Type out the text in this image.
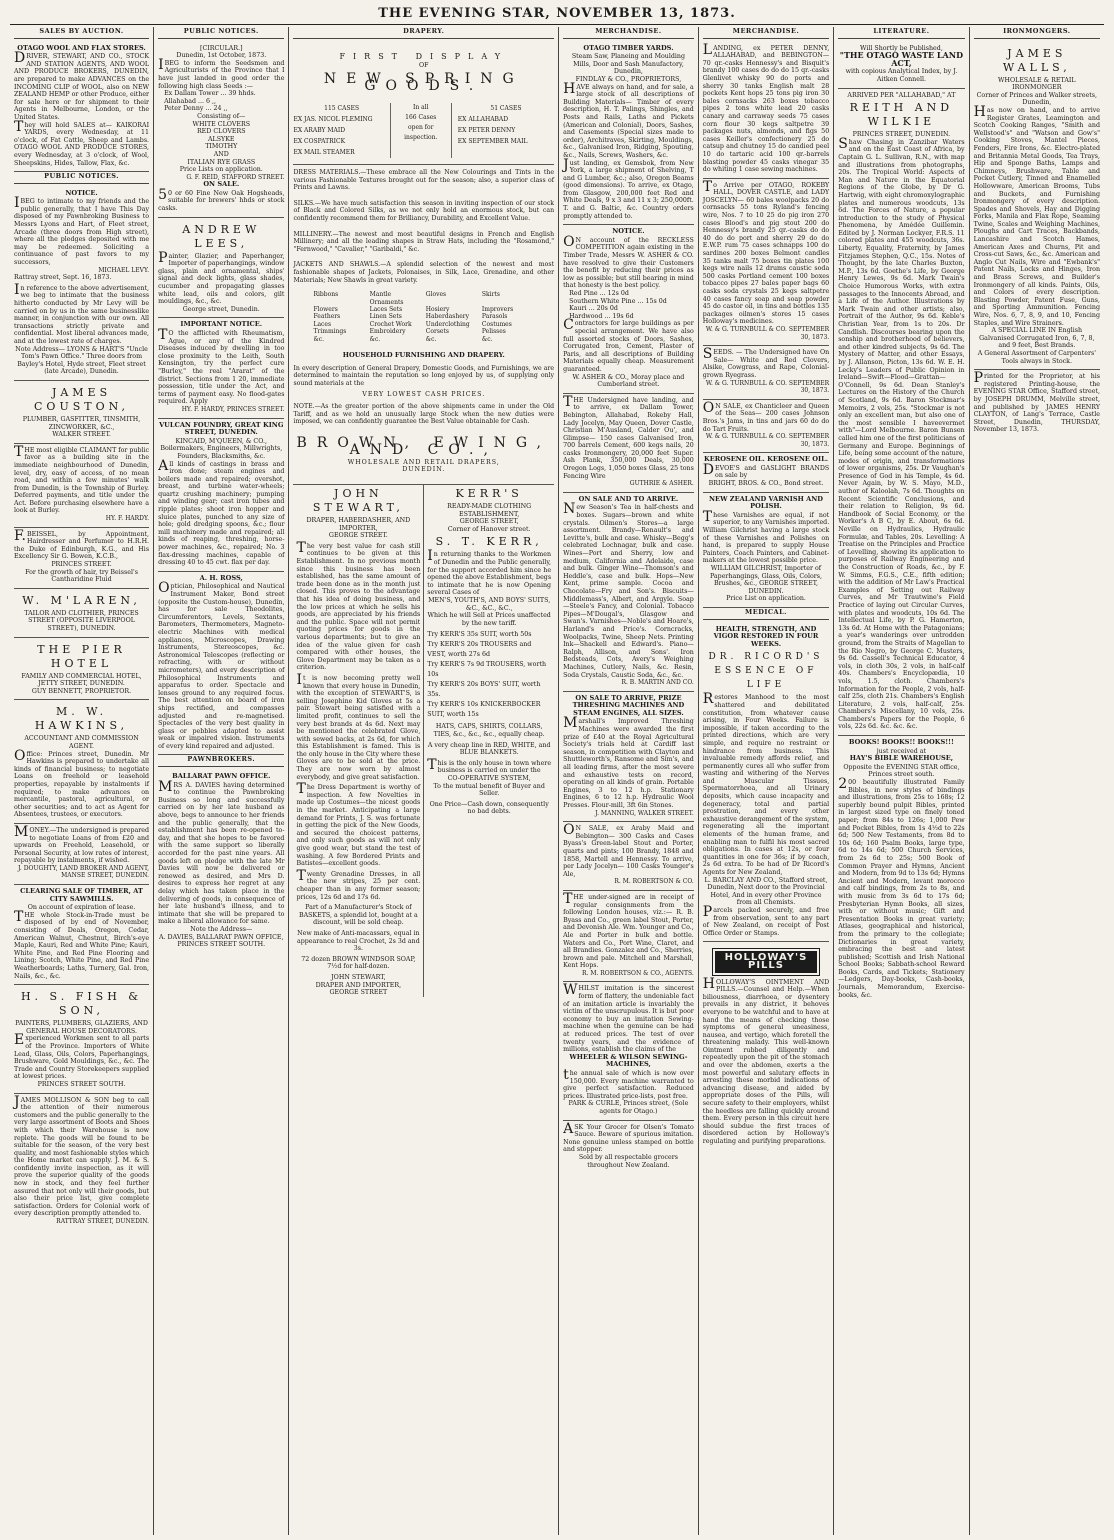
THE EVENING STAR, NOVEMBER 13, 1873.
SALES BY AUCTION.
OTAGO WOOL AND FLAX STORES.
DRIVER, STEWART, AND CO., STOCK AND STATION AGENTS, AND WOOL AND PRODUCE BROKERS, DUNEDIN, are prepared to make ADVANCES on the INCOMING CLIP of WOOL, also on NEW ZEALAND HEMP or other Produce, either for sale here or for shipment to their Agents in Melbourne, London, or the United States.
They will hold SALES at— KAIKORAI YARDS, every Wednesday, at 11 o'clock, of Fat Cattle, Sheep and Lambs. OTAGO WOOL AND PRODUCE STORES, every Wednesday, at 3 o'clock, of Wool, Sheepskins, Hides, Tallow, Flax, &c.
PUBLIC NOTICES.
NOTICE.
IBEG to intimate to my friends and the public generally, that I have This Day disposed of my Pawnbroking Business to Messrs Lyons and Hart, of Fleet street, Arcade (three doors from High street), where all the pledges deposited with me may be redeemed. Soliciting a continuance of past favors to my successors,
MICHAEL LEVY.
Rattray street, Sept. 16, 1873.
In reference to the above advertisement, we beg to intimate that the business hitherto conducted by Mr Levy will be carried on by us in the same businesslike manner, in conjunction with our own. All transactions strictly private and confidential. Most liberal advances made, and at the lowest rate of charges.
Note Address— LYONS & HART'S "Uncle Tom's Pawn Office." Three doors from Bayley's Hotel, Hyde street, Fleet street (late Arcade), Dunedin.
JAMES COUSTON,
PLUMBER, GASFITTER, TINSMITH, ZINCWORKER, &C.,
WALKER STREET.
THE most eligible CLAIMANT for public favor as a building site in the immediate neighbourhood of Dunedin, level, dry, easy of access, of no mean road, and within a few minutes' walk from Dunedin, is the Township of Burley. Deferred payments, and title under the Act. Before purchasing elsewhere have a look at Burley.
HY. F. HARDY.
F.BEISSEL, by Appointment, Hairdresser and Perfumer to H.R.H. the Duke of Edinburgh, K.G., and His Excellency Sir G. Bowen, K.C.B.,
PRINCES STREET.
For the growth of hair, try Beissel's Cantharidine Fluid
W. M'LAREN,
TAILOR AND CLOTHIER, PRINCES STREET (OPPOSITE LIVERPOOL STREET), DUNEDIN.
THE PIER HOTEL
FAMILY AND COMMERCIAL HOTEL, JETTY STREET, DUNEDIN.
GUY BENNETT, PROPRIETOR.
M. W. HAWKINS,
ACCOUNTANT AND COMMISSION AGENT.
Office: Princes street, Dunedin. Mr Hawkins is prepared to undertake all kinds of financial business; to negotiate Loans on freehold or leasehold properties, repayable by instalments if required; to make advances on mercantile, pastoral, agricultural, or other securities; and to act as Agent for Absentees, trustees, or executors.
MONEY.—The undersigned is prepared to negotiate Loans of from £20 and upwards on Freehold, Leasehold, or Personal Security, at low rates of interest, repayable by instalments, if wished.
J. DOUGHTY, LAND BROKER AND AGENT, MANSE STREET, DUNEDIN.
CLEARING SALE OF TIMBER, AT CITY SAWMILLS.
On account of expiration of lease.
THE whole Stock-in-Trade must be disposed of by end of November, consisting of Deals, Oregon, Cedar, American Walnut, Chestnut, Birch's-eye Maple, Kauri, Red and White Pine; Kauri, White Pine, and Red Pine Flooring and Lining; Scotch, White Pine, and Red Pine Weatherboards; Laths, Turnery, Gal. Iron, Nails, &c., &c.
H. S. FISH & SON,
PAINTERS, PLUMBERS, GLAZIERS, AND GENERAL HOUSE DECORATORS.
Experienced Workmen sent to all parts of the Province. Importers of White Lead, Glass, Oils, Colors, Paperhangings, Brushware, Gold Mouldings, &c., &c. The Trade and Country Storekeepers supplied at lowest prices.
PRINCES STREET SOUTH.
JAMES MOLLISON & SON beg to call the attention of their numerous customers and the public generally to the very large assortment of Boots and Shoes with which their Warehouse is now replete. The goods will be found to be suitable for the season, of the very best quality, and most fashionable styles which the Home market can supply. J. M. & S. confidently invite inspection, as it will prove the superior quality of the goods now in stock, and they feel further assured that not only will their goods, but also their price list, give complete satisfaction. Orders for Colonial work of every description promptly attended to.
RATTRAY STREET, DUNEDIN.
PUBLIC NOTICES.
[CIRCULAR.]
Dunedin, 1st October, 1873.
IBEG to inform the Seedsmen and Agriculturists of the Province that I have just landed in good order the following high class Seeds :—
Ex Dallam Tower ... 39 hhds.
Allahabad ... 6 ,,
Peter Denny ... 24 ,,
Consisting of—
WHITE CLOVERS
RED CLOVERS
ALSYKE
TIMOTHY
AND
ITALIAN RYE GRASS
Price Lists on application.
G. F. REID, STAFFORD STREET.
ON SALE.
50 or 60 Fine New Oak Hogsheads, suitable for brewers' hhds or stock casks.
ANDREW LEES,
Painter, Glazier, and Paperhanger, Importer of paperhangings, window glass, plain and ornamental, ships' signal and deck lights, glass shades, cucumber and propagating glasses white lead, oils and colors, gilt mouldings, &c., &c.
George street, Dunedin.
IMPORTANT NOTICE.
TO the afflicted with Rheumatism, Ague, or any of the Kindred Diseases induced by dwelling in too close proximity to the Leith, South Kensington, try the perfect cure "Burley," the real "Ararat" of the district. Sections from 1 20, immediate possession, title under the Act, and terms of payment easy. No flood-gates required. Apply
HY. F. HARDY, PRINCES STREET.
VULCAN FOUNDRY, GREAT KING STREET, DUNEDIN.
KINCAID, M'QUEEN, & CO.,
Boilermakers, Engineers, Millwrights, Founders, Blacksmiths, &c.
All kinds of castings in brass and iron done; steam engines and boilers made and repaired; overshot, breast, and turbine water-wheels; quartz crushing machinery; pumping and winding gear; cast iron tubes and ripple plates; shoot iron hopper and sluice plates, punched to any size of hole; gold dredging spoons, &c.; flour mill machinery made and repaired; all kinds of reaping, threshing, horse-power machines, &c., repaired; No. 3 flax-dressing machines, capable of dressing 40 to 45 cwt. flax per day.
A. H. ROSS,
Optician, Philosophical and Nautical Instrument Maker, Bond street (opposite the Custom-house), Dunedin, has for sale Theodolites, Circumferentors, Levels, Sextants, Barometers, Thermometers, Magneto-electric Machines with medical appliances, Microscopes, Drawing Instruments, Stereoscopes, &c. Astronomical Telescopes (reflecting or refracting, with or without micrometers), and every description of Philosophical Instruments and apparatus to order. Spectacle and lenses ground to any required focus. The best attention on board of iron ships rectified, and compasses adjusted and re-magnetised. Spectacles of the very best quality in glass or pebbles adapted to assist weak or impaired vision. Instruments of every kind repaired and adjusted.
PAWNBROKERS.
BALLARAT PAWN OFFICE.
MRS A. DAVIES having determined to continue the Pawnbroking Business so long and successfully carried on by her late husband as above, begs to announce to her friends and the public generally, that the establishment has been re-opened to-day, and that she hopes to be favored with the same support so liberally accorded for the past nine years. All goods left on pledge with the late Mr Davies will now be delivered or renewed as desired, and Mrs D. desires to express her regret at any delay which has taken place in the delivering of goods, in consequence of her late husband's illness, and to intimate that she will be prepared to make a liberal allowance for same.
Note the Address—
A. DAVIES, BALLARAT PAWN OFFICE, PRINCES STREET SOUTH.
DRAPERY.
FIRST DISPLAY
OF
NEW SPRING GOODS.
115 CASES
EX JAS. NICOL FLEMING
EX ARABY MAID
EX COSPATRICK
EX MAIL STEAMER
In all
166 Cases
open for
inspection.
51 CASES
EX ALLAHABAD
EX PETER DENNY
EX SEPTEMBER MAIL
DRESS MATERIALS.—These embrace all the New Colourings and Tints in the various Fashionable Textures brought out for the season; also, a superior class of Prints and Lawns.
SILKS.—We have much satisfaction this season in inviting inspection of our stock of Black and Colored Silks, as we not only hold an enormous stock, but can confidently recommend them for Brilliancy, Durability, and Excellent Value.
MILLINERY.—The newest and most beautiful designs in French and English Millinery; and all the leading shapes in Straw Hats, including the "Rosamond," "Fernwood," "Cavalier," "Garibaldi," &c.
JACKETS AND SHAWLS.—A splendid selection of the newest and most fashionable shapes of Jackets, Polonaises, in Silk, Lace, Grenadine, and other Materials; New Shawls in great variety.
Ribbons	Mantle Ornaments
Gloves	Skirts
Flowers	Laces Sets	Hosiery	Improvers
Feathers	Linen Sets	Haberdashery	Parasols
Laces	Crochet Work	Underclothing	Costumes
Trimmings	Embroidery	Corsets	Pelisses
&c.	&c.	&c.	&c.
HOUSEHOLD FURNISHING AND DRAPERY.
In every description of General Drapery, Domestic Goods, and Furnishings, we are determined to maintain the reputation so long enjoyed by us, of supplying only sound materials at the
VERY LOWEST CASH PRICES.
NOTE.—As the greater portion of the above shipments came in under the Old Tariff, and as we hold an unusually large Stock when the new duties were imposed, we can confidently guarantee the Best Value obtainable for Cash.
BROWN, EWING, AND CO.,
WHOLESALE AND RETAIL DRAPERS,
DUNEDIN.
JOHN STEWART,
DRAPER, HABERDASHER, AND IMPORTER,
GEORGE STREET.
The very best value for cash still continues to be given at this Establishment. In no previous month since this business has been established, has the same amount of trade been done as in the month just closed. This proves to the advantage that his idea of doing business, and the low prices at which he sells his goods, are appreciated by his friends and the public. Space will not permit quoting prices for goods in the various departments; but to give an idea of the value given for cash compared with other houses, the Glove Department may be taken as a criterion.
It is now becoming pretty well known that every house in Dunedin, with the exception of STEWART'S, is selling Josephine Kid Gloves at 5s a pair. Stewart being satisfied with a limited profit, continues to sell the very best brands at 4s 6d. Next may be mentioned the celebrated Glove, with sewed backs, at 2s 6d, for which this Establishment is famed. This is the only house in the City where these Gloves are to be sold at the price. They are now worn by almost everybody, and give great satisfaction.
The Dress Department is worthy of inspection. A few Novelties in made up Costumes—the nicest goods in the market. Anticipating a large demand for Prints, J. S. was fortunate in getting the pick of the New Goods, and secured the choicest patterns, and only such goods as will not only give good wear, but stand the test of washing. A few Bordered Prints and Batistes—excellent goods.
Twenty Grenadine Dresses, in all the new stripes, 25 per cent. cheaper than in any former season; prices, 12s 6d and 17s 6d.
Part of a Manufacturer's Stock of BASKETS, a splendid lot, bought at a discount, will be sold cheap.
New make of Anti-macassars, equal in appearance to real Crochet, 2s 3d and 3s.
72 dozen BROWN WINDSOR SOAP, 7½d for half-dozen.
JOHN STEWART,
DRAPER AND IMPORTER,
GEORGE STREET
KERR'S
READY-MADE CLOTHING ESTABLISHMENT,
GEORGE STREET,
Corner of Hanover street.
S. T. KERR,
In returning thanks to the Workmen of Dunedin and the Public generally, for the support accorded him since he opened the above Establishment, begs to intimate that he is now Opening several Cases of
MEN'S, YOUTH'S, AND BOYS' SUITS, &C., &C., &C.,
Which he will Sell at Prices unaffected by the new tariff.
Try KERR'S 35s SUIT, worth 50s
Try KERR'S 20s TROUSERS and VEST, worth 27s 6d
Try KERR'S 7s 9d TROUSERS, worth 10s
Try KERR'S 20s BOYS' SUIT, worth 35s.
Try KERR'S 10s KNICKERBOCKER SUIT, worth 15s
HATS, CAPS, SHIRTS, COLLARS, TIES, &c., &c., &c., equally cheap.
A very cheap line in RED, WHITE, and BLUE BLANKETS.
This is the only house in town where business is carried on under the
CO-OPERATIVE SYSTEM,
To the mutual benefit of Buyer and Seller.
One Price—Cash down, consequently no bad debts.
MERCHANDISE.
OTAGO TIMBER YARDS.
Steam Saw, Planeing and Moulding Mills, Door and Sash Manufactory, Dunedin,
FINDLAY & CO., PROPRIETORS,
HAVE always on hand, and for sale, a large stock of all descriptions of Building Materials— Timber of every description, H. T. Palings, Shingles, and Posts and Rails, Laths and Pickets (American and Colonial), Doors, Sashes, and Casements (Special sizes made to order), Architraves, Skirting, Mouldings, &c., Galvanised Iron, Ridging, Spouting, &c., Nails, Screws, Washers, &c.
Just landing, ex Gemsbok, from New York, a large shipment of Shelving, T and G Lumber, &c.; also, Oregon Beams (good dimensions). To arrive, ex Otago, from Glasgow, 200,000 feet Red and White Deals, 9 x 3 and 11 x 3; 250,000ft. T. and G. Baltic, &c. Country orders promptly attended to.
NOTICE.
ON account of the RECKLESS COMPETITION again existing in the Timber Trade, Messrs W. ASHER & CO. have resolved to give their Customers the benefit by reducing their prices as low as possible; but still bearing in mind that honesty is the best policy.
Red Pine ... 12s 0d
Southern White Pine ... 15s 0d
Kauri ... 20s 0d
Hardwood ... 19s 6d
Contractors for large buildings as per special arrangement. We have also full assorted stocks of Doors, Sashes, Corrugated Iron, Cement, Plaster of Paris, and all descriptions of Building Materials equally cheap. Measurement guaranteed.
W. ASHER & CO., Moray place and Cumberland street.
THE Undersigned have landing, and to arrive, ex Dallam Tower, Bebington, Allahabad, Rokeby Hall, Lady Jocelyn, May Queen, Dover Castle, Christian M'Ausland, Calder Ou', and Glimpse— 150 cases Galvanised Iron, 700 barrels Cement, 600 kegs nails, 20 casks Ironmongery, 20,000 feet Super. Ash Plank, 350,000 Deals, 30,000 Oregon Logs, 1,050 boxes Glass, 25 tons Fencing Wire
GUTHRIE & ASHER.
ON SALE AND TO ARRIVE.
New Season's Tea in half-chests and boxes. Sugars—brown and white crystals. Oilmen's Stores—a large assortment. Brandy—Renault's and Levitte's, bulk and case. Whisky—Begg's celebrated Lochnagar, bulk and case. Wines—Port and Sherry, low and medium, California and Adelaide, case and bulk. Ginger Wine—Thomson's and Heddle's, case and bulk. Hops—New Kent, prime sample. Cocoa and Chocolate—Fry and Son's. Biscuits—Middlemass's, Albert, and Argyle. Soap—Steele's Fancy, and Colonial. Tobacco Pipes—M'Dougal's, Glasgow and Swan's. Varnishes—Noble's and Hoare's, Harland's and Price's. Corncracks, Woolpacks, Twine, Sheep Nets. Printing Ink—Shackell and Edward's. Piano—Ralph, Allison, and Sons'. Iron Bedsteads, Cots, Avery's Weighing Machines, Cutlery, Nails, &c. Resin, Soda Crystals, Caustic Soda, &c., &c.
R. B. MARTIN AND CO.
ON SALE TO ARRIVE, PRIZE THRESHING MACHINES AND STEAM ENGINES, ALL SIZES.
Marshall's Improved Threshing Machines were awarded the first prize of £40 at the Royal Agricultural Society's trials held at Cardiff last season, in competition with Clayton and Shuttleworth's, Ransome and Sim's, and all leading firms, after the most severe and exhaustive tests on record, operating on all kinds of grain. Portable Engines, 3 to 12 h.p. Stationary Engines, 6 to 12 h.p. Hydraulic Wool Presses. Flour-mill, 3ft 6in Stones.
J. MANNING, WALKER STREET.
ON SALE, ex Araby Maid and Bebington— 300 Casks and Cases Byass's Green-label Stout and Porter, quarts and pints; 100 Brandy, 1848 and 1858, Martell and Hennessy. To arrive, per Lady Jocelyn— 100 Casks Younger's Ale,
R. M. ROBERTSON & CO.
THE under-signed are in receipt of regular consignments from the following London houses, viz.:— R. B. Byass and Co., green label Stout, Porter, and Devonish Ale. Wm. Younger and Co., Ale and Porter in bulk and bottle. Waters and Co., Port Wine, Claret, and all Brandies. Gonzalez and Co., Sherries, brown and pale. Mitchell and Marshall, Kent Hops.
R. M. ROBERTSON & CO., AGENTS.
WHILST imitation is the sincerest form of flattery, the undeniable fact of an imitation article is invariably the victim of the unscrupulous. It is but poor economy to buy an imitation Sewing-machine when the genuine can be had at reduced prices. The test of over twenty years, and the evidence of millions, establish the claims of the
WHEELER & WILSON SEWING-MACHINES,
the annual sale of which is now over 150,000. Every machine warranted to give perfect satisfaction. Reduced prices. Illustrated price-lists, post free.
PARK & CURLE, Princes street, (Sole agents for Otago.)
ASK Your Grocer for Olsen's Tomato Sauce. Beware of spurious imitation. None genuine unless stamped on bottle and stopper.
Sold by all respectable grocers throughout New Zealand.
MERCHANDISE.
LANDING, ex PETER DENNY, ALLAHABAD, and BEBINGTON— 70 qr.-casks Hennessy's and Bisquit's brandy 100 cases do do do 15 qr.-casks Glenlivet whisky 90 do ports and sherry 30 tanks English malt 28 pockets Kent hops 25 tons pig iron 30 bales cornsacks 263 boxes tobacco pipes 2 tons white lead 20 casks canary and carraway seeds 75 cases corn flour 30 kegs saltpetre 39 packages nuts, almonds, and figs 50 cases Keiller's confectionery 25 do catsup and chutney 15 do candied peel 10 do tartaric acid 100 qr.-barrels blasting powder 45 casks vinegar 35 do whiting 1 case sewing machines.
To Arrive per OTAGO, ROKEBY HALL, DOVER CASTLE, and LADY JOSCELYN— 60 bales woolpacks 20 do cornsacks 55 tons Ryland's fencing wire, Nos. 7 to 10 25 do pig iron 270 cases Blood's and pig stout 200 do Hennessy's brandy 25 qr.-casks do do 40 do do port and sherry 29 do do E.W.P. rum 75 cases schnapps 100 do sardines 200 boxes Belmont candles 35 tanks malt 75 boxes tin plates 100 kegs wire nails 12 drums caustic soda 500 casks Portland cement 100 boxes tobacco pipes 27 bales paper bags 60 casks soda crystals 25 kegs saltpetre 40 cases fancy soap and soap powder 45 do castor oil, in tins and bottles 135 packages oilmen's stores 15 cases Holloway's medicines.
W. & G. TURNBULL & CO. SEPTEMBER 30, 1873.
SEEDS. — The Undersigned have On Sale— White and Red Clovers, Alsike, Cowgrass, and Rape, Colonial-grown Ryegrass.
W. & G. TURNBULL & CO. SEPTEMBER 30, 1873.
ON SALE, ex Chanticleer and Queen of the Seas— 200 cases Johnson Bros.'s Jams, in tins and jars 60 do do do Tart Fruits.
W. & G. TURNBULL & CO. SEPTEMBER 30, 1873.
KEROSENE OIL. KEROSENE OIL.
DEVOE'S and GASLIGHT BRANDS on sale by
BRIGHT, BROS. & CO., Bond street.
NEW ZEALAND VARNISH AND POLISH.
These Varnishes are equal, if not superior, to any Varnishes imported. William Gilchrist having a large stock of these Varnishes and Polishes on hand, is prepared to supply House Painters, Coach Painters, and Cabinet-makers at the lowest possible price.
WILLIAM GILCHRIST, Importer of Paperhangings, Glass, Oils, Colors, Brushes, &c., GEORGE STREET, DUNEDIN.
Price List on application.
MEDICAL.
HEALTH, STRENGTH, AND VIGOR RESTORED IN FOUR WEEKS.
DR. RICORD'S ESSENCE OF LIFE
Restores Manhood to the most shattered and debilitated constitution, from whatever cause arising, in Four Weeks. Failure is impossible, if taken according to the printed directions, which are very simple, and require no restraint or hindrance from business. This invaluable remedy affords relief, and permanently cures all who suffer from wasting and withering of the Nerves and Muscular Tissues, Spermatorrhoea, and all Urinary deposits, which cause incapacity and degeneracy, total and partial prostration, and every other exhaustive derangement of the system, regenerating all the important elements of the human frame, and enabling man to fulfil his most sacred obligations. In cases at 12s, or four quantities in one for 36s; if by coach, 2s 6d extra. To be had of Dr Ricord's Agents for New Zealand,
L. BARCLAY AND CO., Stafford street, Dunedin, Next door to the Provincial Hotel, And in every other Province from all Chemists.
Parcels packed securely, and free from observation, sent to any part of New Zealand, on receipt of Post Office Order or Stamps.
HOLLOWAY'S PILLS
HOLLOWAY'S OINTMENT AND PILLS.—Counsel and Help.—When biliousness, diarrhoea, or dysentery prevails in any district, it behoves everyone to be watchful and to have at hand the means of checking those symptoms of general uneasiness, nausea, and vertigo, which foretell the threatening malady. This well-known Ointment rubbed diligently and repeatedly upon the pit of the stomach and over the abdomen, exerts a the most powerful and salutary effects in arresting these morbid indications of advancing disease, and aided by appropriate doses of the Pills, will secure safety to their employers, whilst the heedless are falling quickly around them. Every person in this circuit here should subdue the first traces of disordered action by Holloway's regulating and purifying preparations.
LITERATURE.
Will Shortly be Published,
"THE OTAGO WASTE LAND ACT,
with copious Analytical Index, by J. Aitken Connell.
ARRIVED PER "ALLAHABAD," AT
REITH AND WILKIE
PRINCES STREET, DUNEDIN.
Shaw Chasing in Zanzibar Waters and on the East Coast of Africa, by Captain G. L. Sullivan, R.N., with map and illustrations from photographs, 20s. The Tropical World: Aspects of Man and Nature in the Equatorial Regions of the Globe, by Dr G. Hartwig, with eight chromoxylographic plates and numerous woodcuts, 13s 6d. The Forces of Nature, a popular introduction to the study of Physical Phenomena, by Amédée Guillemin. Edited by J. Norman Lockyer, F.R.S. 11 colored plates and 455 woodcuts, 36s. Liberty, Equality, Fraternity, by James Fitzjames Stephen, Q.C., 15s. Notes of Thought, by the late Charles Buxton, M.P., 13s 6d. Goethe's Life, by George Henry Lewes, 9s 6d. Mark Twain's Choice Humorous Works, with extra passages to the Innocents Abroad, and a Life of the Author. Illustrations by Mark Twain and other artists; also, Portrait of the Author, 9s 6d. Keble's Christian Year, from 1s to 20s. Dr Candlish. Discourses bearing upon the sonship and brotherhood of believers, and other kindred subjects, 9s 6d. The Mystery of Matter, and other Essays, by J. Allanson, Picton, 13s 6d. W. E. H. Lecky's Leaders of Public Opinion in Ireland—Swift—Flood—Grattan—O'Connell, 9s 6d. Dean Stanley's Lectures on the History of the Church of Scotland, 9s 6d. Baron Stockmar's Memoirs, 2 vols, 25s. "Stockmar is not only an excellent man, but also one of the most sensible I haveevermet with"—Lord Melbourne. Baron Bunsen called him one of the first politicians of Germany and Europe. Beginnings of Life, being some account of the nature, modes of origin, and transformations of lower organisms, 25s. Dr Vaughan's Presence of God in his Temple, 4s 6d. Never Again, by W. S. Mayo, M.D., author of Kaloolah, 7s 6d. Thoughts on Recent Scientific Conclusions, and their relation to Religion, 9s 6d. Handbook of Social Economy, or the Worker's A B C, by E. About, 6s 6d. Neville on Hydraulics, Hydraulic Formulæ, and Tables, 20s. Levelling: A Treatise on the Principles and Practice of Levelling, showing its application to purposes of Railway Engineering and the Construction of Roads, &c., by F. W. Simms, F.G.S., C.E., fifth edition; with the addition of Mr Law's Practical Examples of Setting out Railway Curves, and Mr Trautwine's Field Practice of laying out Circular Curves, with plates and woodcuts, 10s 6d. The Intellectual Life, by P. G. Hamerton, 13s 6d. At Home with the Patagonians; a year's wanderings over untrodden ground, from the Straits of Magellan to the Rio Negro, by George C. Musters, 9s 6d. Cassell's Technical Educator, 4 vols, in cloth 30s, 2 vols, in half-calf 40s. Chambers's Encyclopædia, 10 vols, 1.5, cloth. Chambers's Information for the People, 2 vols, half-calf 25s, cloth 21s. Chambers's English Literature, 2 vols, half-calf, 25s. Chambers's Miscellany, 10 vols, 25s. Chambers's Papers for the People, 6 vols, 22s 6d. &c. &c. &c.
BOOKS! BOOKS!! BOOKS!!!
just received at
HAY'S BIBLE WAREHOUSE,
Opposite the EVENING STAR office, Princes street south.
200 beautifully illustrated Family Bibles, in new styles of bindings and illustrations, from 25s to 168s; 12 superbly bound pulpit Bibles, printed in largest sized type on finely toned paper; from 84s to 126s; 1,000 Pew and Pocket Bibles, from 1s 4½d to 22s 6d; 500 New Testaments, from 8d to 10s 6d; 160 Psalm Books, large type, 6d to 14s 6d; 500 Church Services, from 2s 6d to 25s; 500 Book of Common Prayer and Hymns, Ancient and Modern, from 9d to 13s 6d; Hymns Ancient and Modern, levant morocco and calf bindings, from 2s to 8s, and with music from 3s 6d to 17s 6d; Presbyterian Hymn Books, all sizes, with or without music; Gift and Presentation Books in great variety; Atlases, geographical and historical, from the primary to the collegiate; Dictionaries in great variety, embracing the best and latest published; Scottish and Irish National School Books; Sabbath-school Reward Books, Cards, and Tickets; Stationery—Ledgers, Day-books, Cash-books, Journals, Memorandum, Exercise-books, &c.
IRONMONGERS.
JAMES WALLS,
WHOLESALE & RETAIL IRONMONGER
Corner of Princes and Walker streets, Dunedin,
Has now on hand, and to arrive Register Grates, Leamington and Scotch Cooking Ranges, "Smith and Wellstood's" and "Watson and Gow's" Cooking Stoves, Mantel Pieces, Fenders, Fire Irons, &c. Electro-plated and Britannia Metal Goods, Tea Trays, Hip and Sponge Baths, Lamps and Chimneys, Brushware, Table and Pocket Cutlery, Tinned and Enamelled Hollowware, American Brooms, Tubs and Buckets, and Furnishing Ironmongery of every description. Spades and Shovels, Hay and Digging Forks, Manila and Flax Rope, Seaming Twine, Scales and Weighing Machines, Ploughs and Cart Traces, Backbands, Lancashire and Scotch Hames, American Axes and Churns, Pit and Cross-cut Saws, &c., &c. American and Anglo Cut Nails, Wire and "Ewbank's" Patent Nails, Locks and Hinges, Iron and Brass Screws, and Builder's Ironmongery of all kinds. Paints, Oils, and Colors of every description. Blasting Powder, Patent Fuse, Guns, and Sporting Ammunition. Fencing Wire, Nos. 6, 7, 8, 9, and 10, Fencing Staples, and Wire Strainers.
A SPECIAL LINE IN English Galvanised Corrugated Iron, 6, 7, 8, and 9 feet, Best Brands.
A General Assortment of Carpenters' Tools always in Stock.
Printed for the Proprietor, at his registered Printing-house, the EVENING STAR Office, Stafford street, by JOSEPH DRUMM, Melville street, and published by JAMES HENRY CLAYTON, of Lang's Terrace, Castle Street, Dunedin, THURSDAY, November 13, 1873.
